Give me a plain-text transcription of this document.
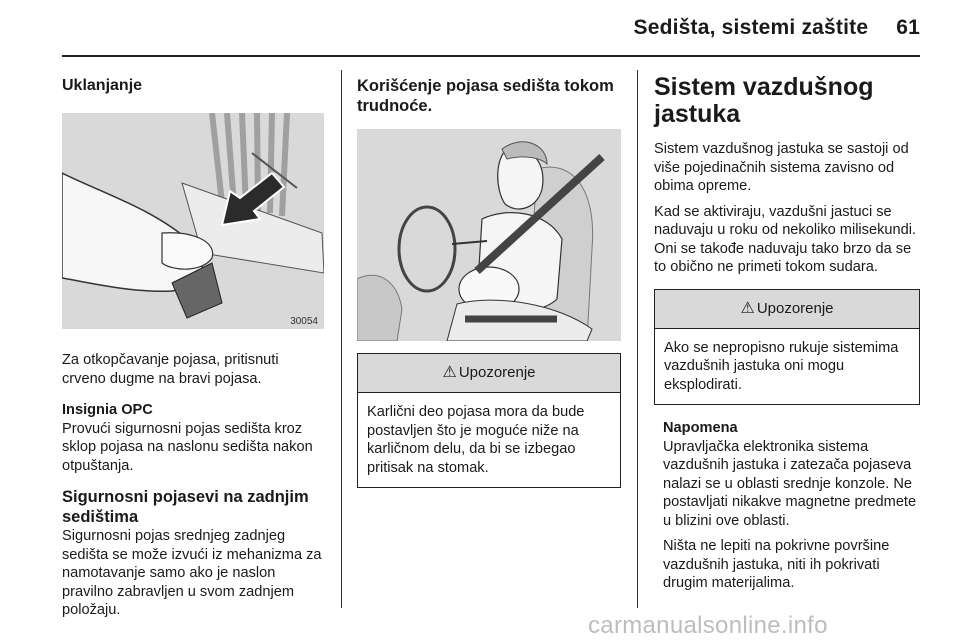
Sedišta, sistemi zaštite 61
Uklanjanje
30054

Za otkopčavanje pojasa, pritisnuti crveno dugme na bravi pojasa.

Insignia OPC

Provući sigurnosni pojas sedišta kroz sklop pojasa na naslonu sedišta nakon otpuštanja.

Sigurnosni pojasevi na zadnjim sedištima

Sigurnosni pojas srednjeg zadnjeg sedišta se može izvući iz mehanizma za namotavanje samo ako je naslon pravilno zabravljen u svom zadnjem položaju.

Korišćenje pojasa sedišta tokom trudnoće.
⚠ Upozorenje
Karlični deo pojasa mora da bude postavljen što je moguće niže na karličnom delu, da bi se izbegao pritisak na stomak.
Sistem vazdušnog jastuka

Sistem vazdušnog jastuka se sastoji od više pojedinačnih sistema zavisno od obima opreme.

Kad se aktiviraju, vazdušni jastuci se naduvaju u roku od nekoliko milisekundi. Oni se takođe naduvaju tako brzo da se to obično ne primeti tokom sudara.

⚠ Upozorenje
Ako se nepropisno rukuje sistemima vazdušnih jastuka oni mogu eksplodirati.
Napomena

Upravljačka elektronika sistema vazdušnih jastuka i zatezača pojaseva nalazi se u oblasti srednje konzole. Ne postavljati nikakve magnetne predmete u blizini ove oblasti.

Ništa ne lepiti na pokrivne površine vazdušnih jastuka, niti ih pokrivati drugim materijalima.

carmanualsonline.info
